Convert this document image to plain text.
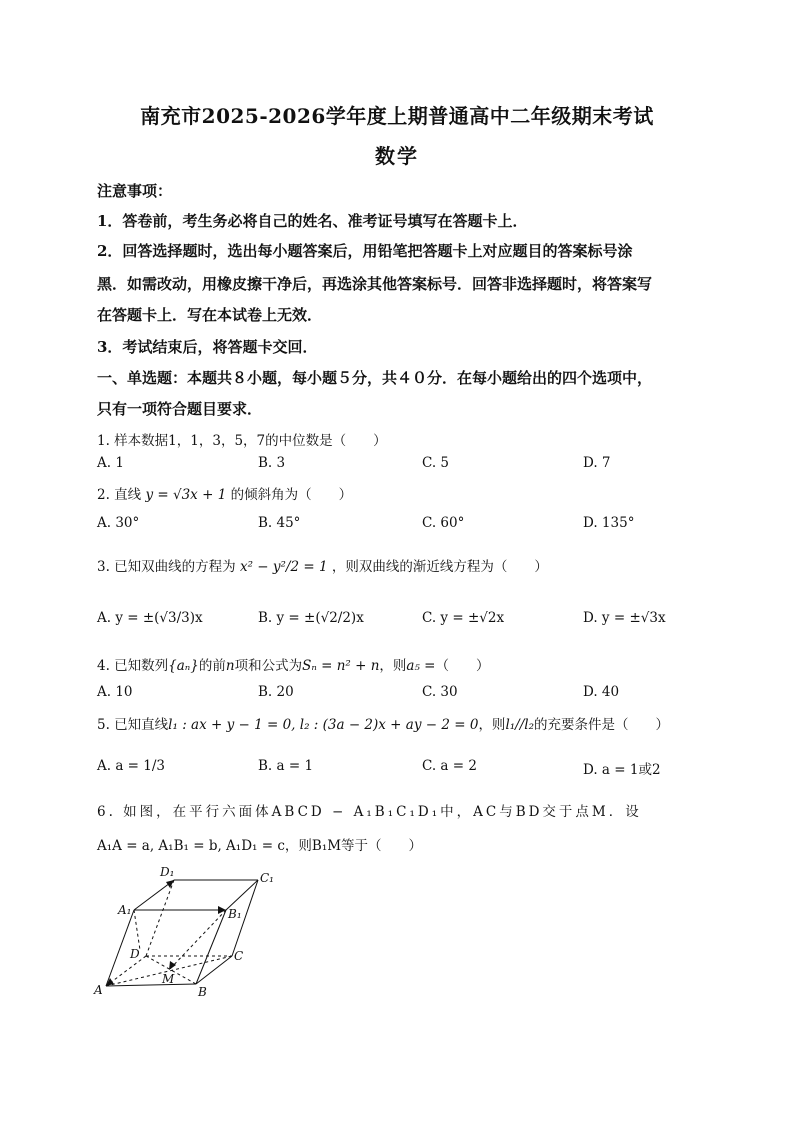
南充市2025-2026学年度上期普通高中二年级期末考试
数学
注意事项：
1．答卷前，考生务必将自己的姓名、准考证号填写在答题卡上．
2．回答选择题时，选出每小题答案后，用铅笔把答题卡上对应题目的答案标号涂
黑．如需改动，用橡皮擦干净后，再选涂其他答案标号．回答非选择题时，将答案写
在答题卡上．写在本试卷上无效．
3．考试结束后，将答题卡交回．
一、单选题：本题共８小题，每小题５分，共４０分．在每小题给出的四个选项中，
只有一项符合题目要求．
1. 样本数据1，1，3，5，7的中位数是（　　）
A. 1	B. 3	C. 5	D. 7
2. 直线 y = √3x + 1 的倾斜角为（　　）
A. 30°	B. 45°	C. 60°	D. 135°
3. 已知双曲线的方程为 x² − y²/2 = 1 ，则双曲线的渐近线方程为（　　）
A. y = ±(√3/3)x	B. y = ±(√2/2)x	C. y = ±√2x	D. y = ±√3x
4. 已知数列{aₙ}的前n项和公式为Sₙ = n² + n，则a₅ =（　　）
A. 10	B. 20	C. 30	D. 40
5. 已知直线l₁ : ax + y − 1 = 0, l₂ : (3a − 2)x + ay − 2 = 0，则l₁//l₂的充要条件是（　　）
A. a = 1/3	B. a = 1	C. a = 2	D. a = 1或2
6. 如图，在平行六面体ABCD − A₁B₁C₁D₁中，AC与BD交于点M．设
A₁A = a, A₁B₁ = b, A₁D₁ = c，则B₁M等于（　　）
D₁	C₁
A₁	B₁
D	C
M
A	B
